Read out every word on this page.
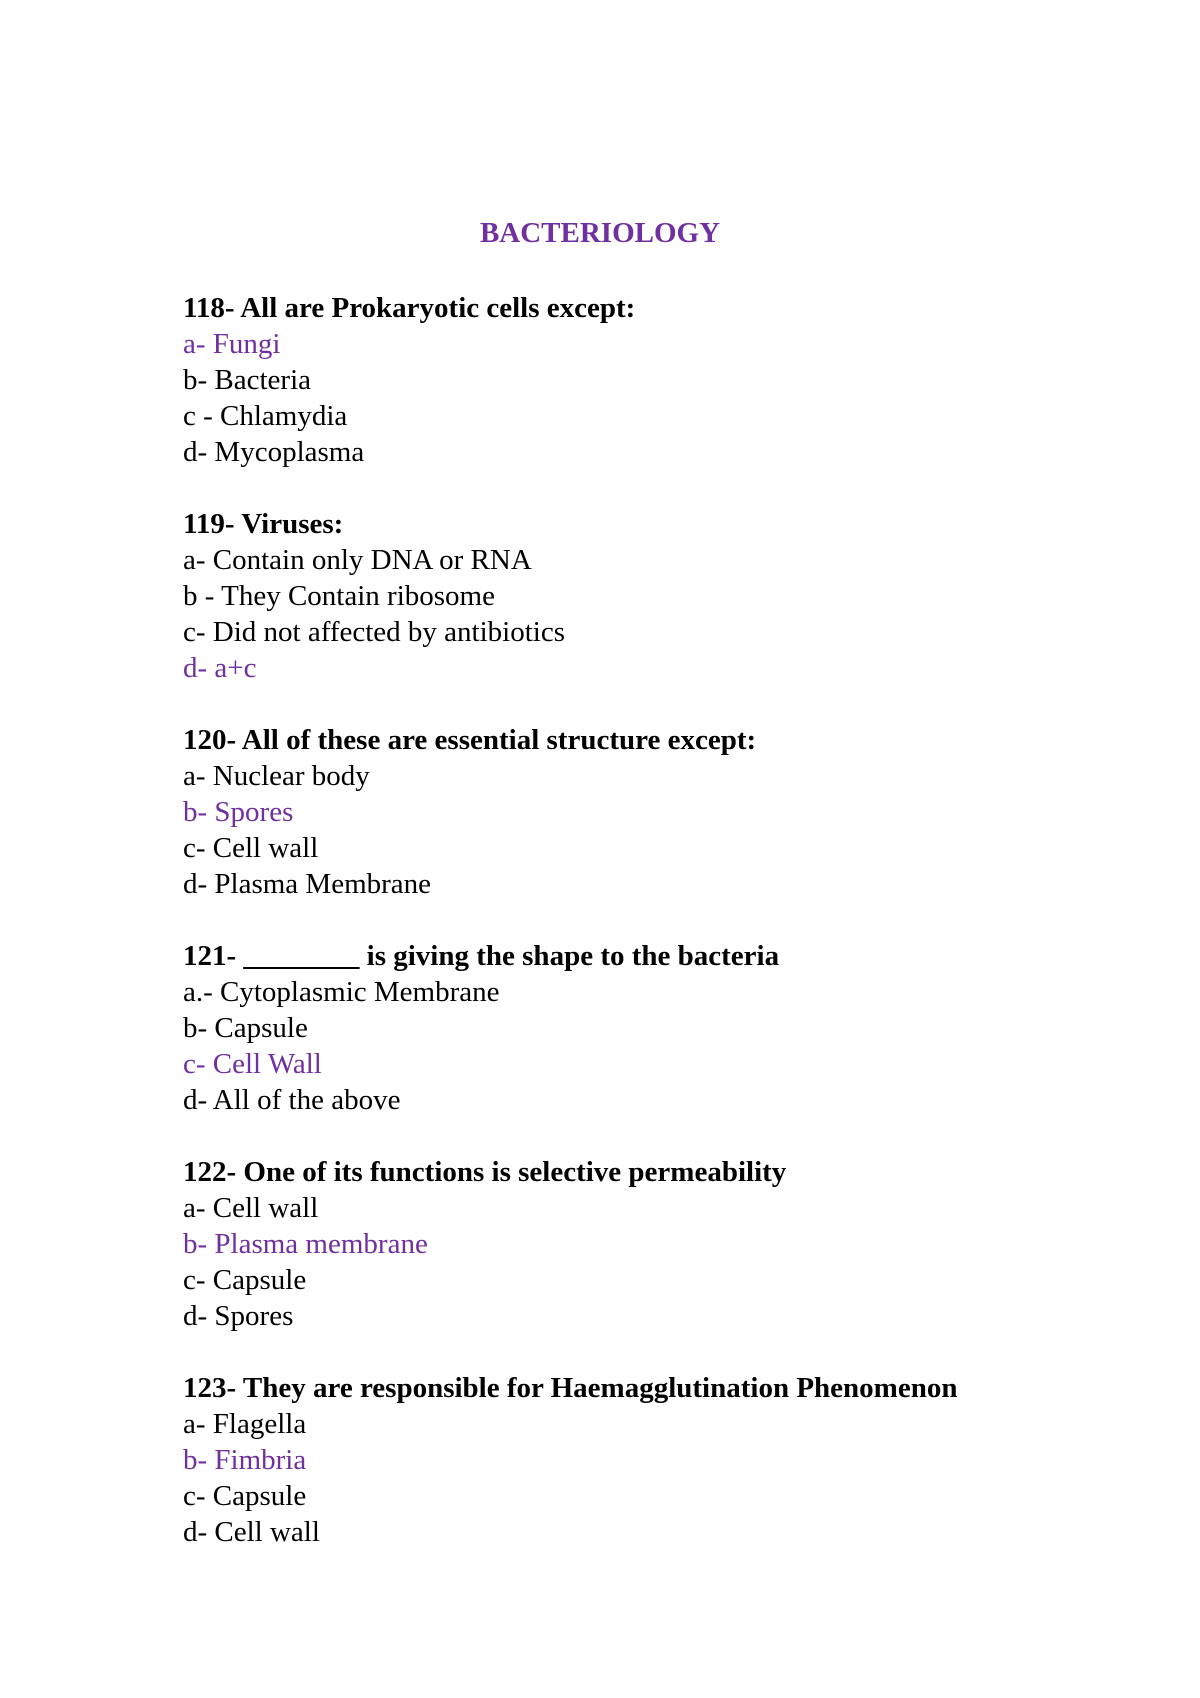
BACTERIOLOGY
118- All are Prokaryotic cells except:
a- Fungi
b- Bacteria
c - Chlamydia
d- Mycoplasma
119- Viruses:
a- Contain only DNA or RNA
b - They Contain ribosome
c- Did not affected by antibiotics
d- a+c
120- All of these are essential structure except:
a- Nuclear body
b- Spores
c- Cell wall
d- Plasma Membrane
121- ________ is giving the shape to the bacteria
a.- Cytoplasmic Membrane
b- Capsule
c- Cell Wall
d- All of the above
122- One of its functions is selective permeability
a- Cell wall
b- Plasma membrane
c- Capsule
d- Spores
123- They are responsible for Haemagglutination Phenomenon
a- Flagella
b- Fimbria
c- Capsule
d- Cell wall
